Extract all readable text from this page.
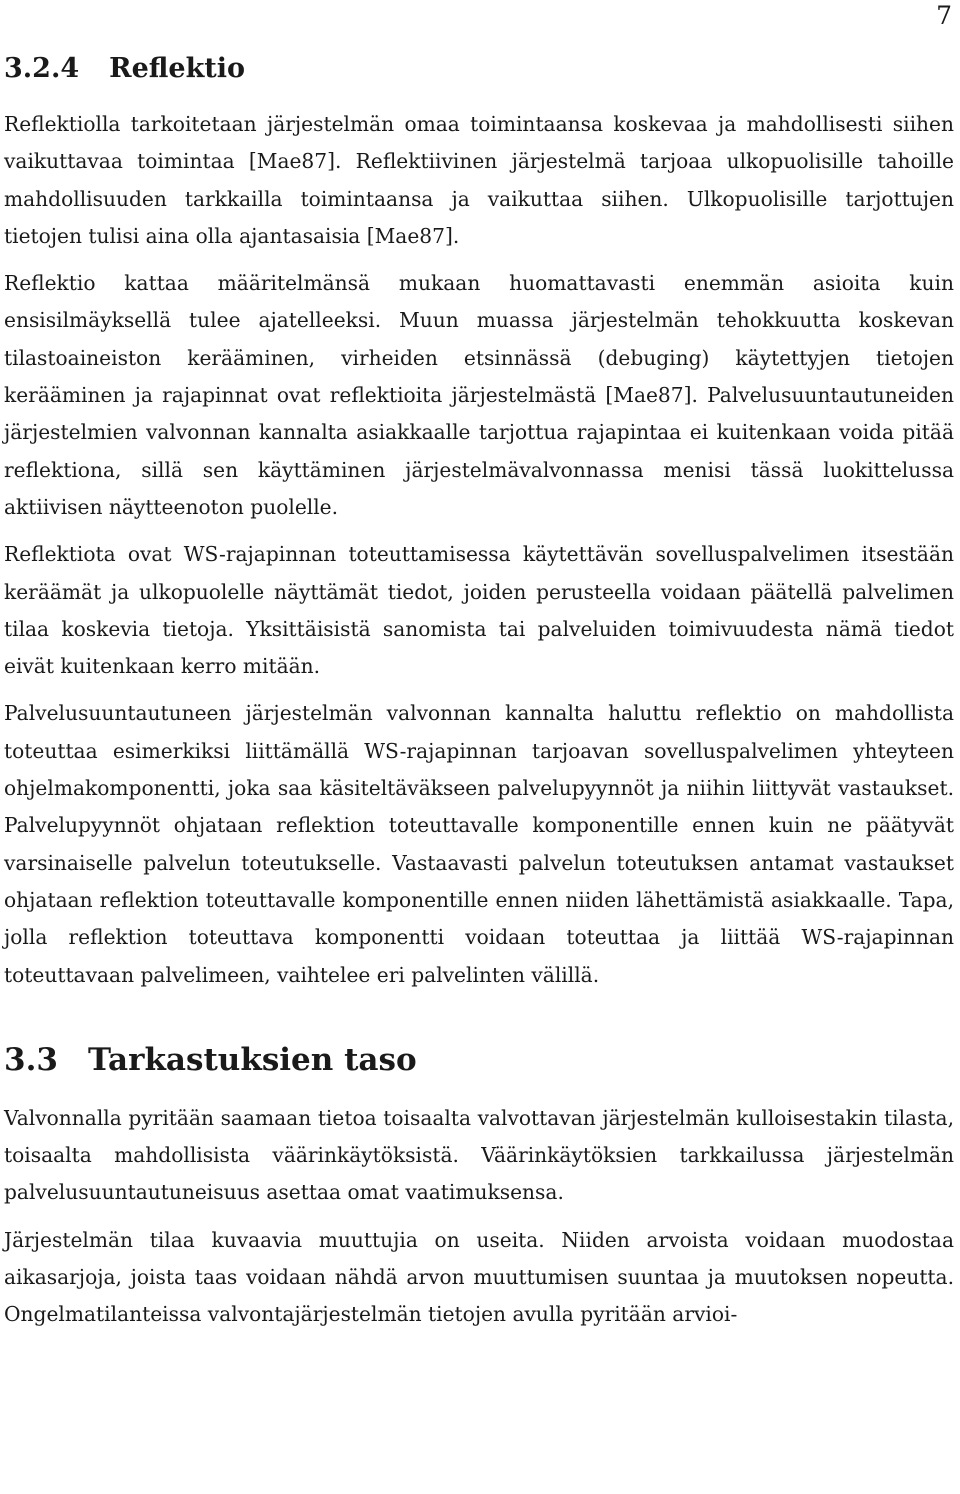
7
3.2.4 Reflektio

Reflektiolla tarkoitetaan järjestelmän omaa toimintaansa koskevaa ja mahdollisesti siihen vaikuttavaa toimintaa [Mae87]. Reflektiivinen järjestelmä tarjoaa ulkopuolisille tahoille mahdollisuuden tarkkailla toimintaansa ja vaikuttaa siihen. Ulkopuolisille tarjottujen tietojen tulisi aina olla ajantasaisia [Mae87].

Reflektio kattaa määritelmänsä mukaan huomattavasti enemmän asioita kuin ensisilmäyksellä tulee ajatelleeksi. Muun muassa järjestelmän tehokkuutta koskevan tilastoaineiston kerääminen, virheiden etsinnässä (debuging) käytettyjen tietojen kerääminen ja rajapinnat ovat reflektioita järjestelmästä [Mae87]. Palvelusuuntautuneiden järjestelmien valvonnan kannalta asiakkaalle tarjottua rajapintaa ei kuitenkaan voida pitää reflektiona, sillä sen käyttäminen järjestelmävalvonnassa menisi tässä luokittelussa aktiivisen näytteenoton puolelle.

Reflektiota ovat WS-rajapinnan toteuttamisessa käytettävän sovelluspalvelimen itsestään keräämät ja ulkopuolelle näyttämät tiedot, joiden perusteella voidaan päätellä palvelimen tilaa koskevia tietoja. Yksittäisistä sanomista tai palveluiden toimivuudesta nämä tiedot eivät kuitenkaan kerro mitään.

Palvelusuuntautuneen järjestelmän valvonnan kannalta haluttu reflektio on mahdollista toteuttaa esimerkiksi liittämällä WS-rajapinnan tarjoavan sovelluspalvelimen yhteyteen ohjelmakomponentti, joka saa käsiteltäväkseen palvelupyynnöt ja niihin liittyvät vastaukset. Palvelupyynnöt ohjataan reflektion toteuttavalle komponentille ennen kuin ne päätyvät varsinaiselle palvelun toteutukselle. Vastaavasti palvelun toteutuksen antamat vastaukset ohjataan reflektion toteuttavalle komponentille ennen niiden lähettämistä asiakkaalle. Tapa, jolla reflektion toteuttava komponentti voidaan toteuttaa ja liittää WS-rajapinnan toteuttavaan palvelimeen, vaihtelee eri palvelinten välillä.

3.3 Tarkastuksien taso

Valvonnalla pyritään saamaan tietoa toisaalta valvottavan järjestelmän kulloisestakin tilasta, toisaalta mahdollisista väärinkäytöksistä. Väärinkäytöksien tarkkailussa järjestelmän palvelusuuntautuneisuus asettaa omat vaatimuksensa.

Järjestelmän tilaa kuvaavia muuttujia on useita. Niiden arvoista voidaan muodostaa aikasarjoja, joista taas voidaan nähdä arvon muuttumisen suuntaa ja muutoksen nopeutta. Ongelmatilanteissa valvontajärjestelmän tietojen avulla pyritään arvioi-
